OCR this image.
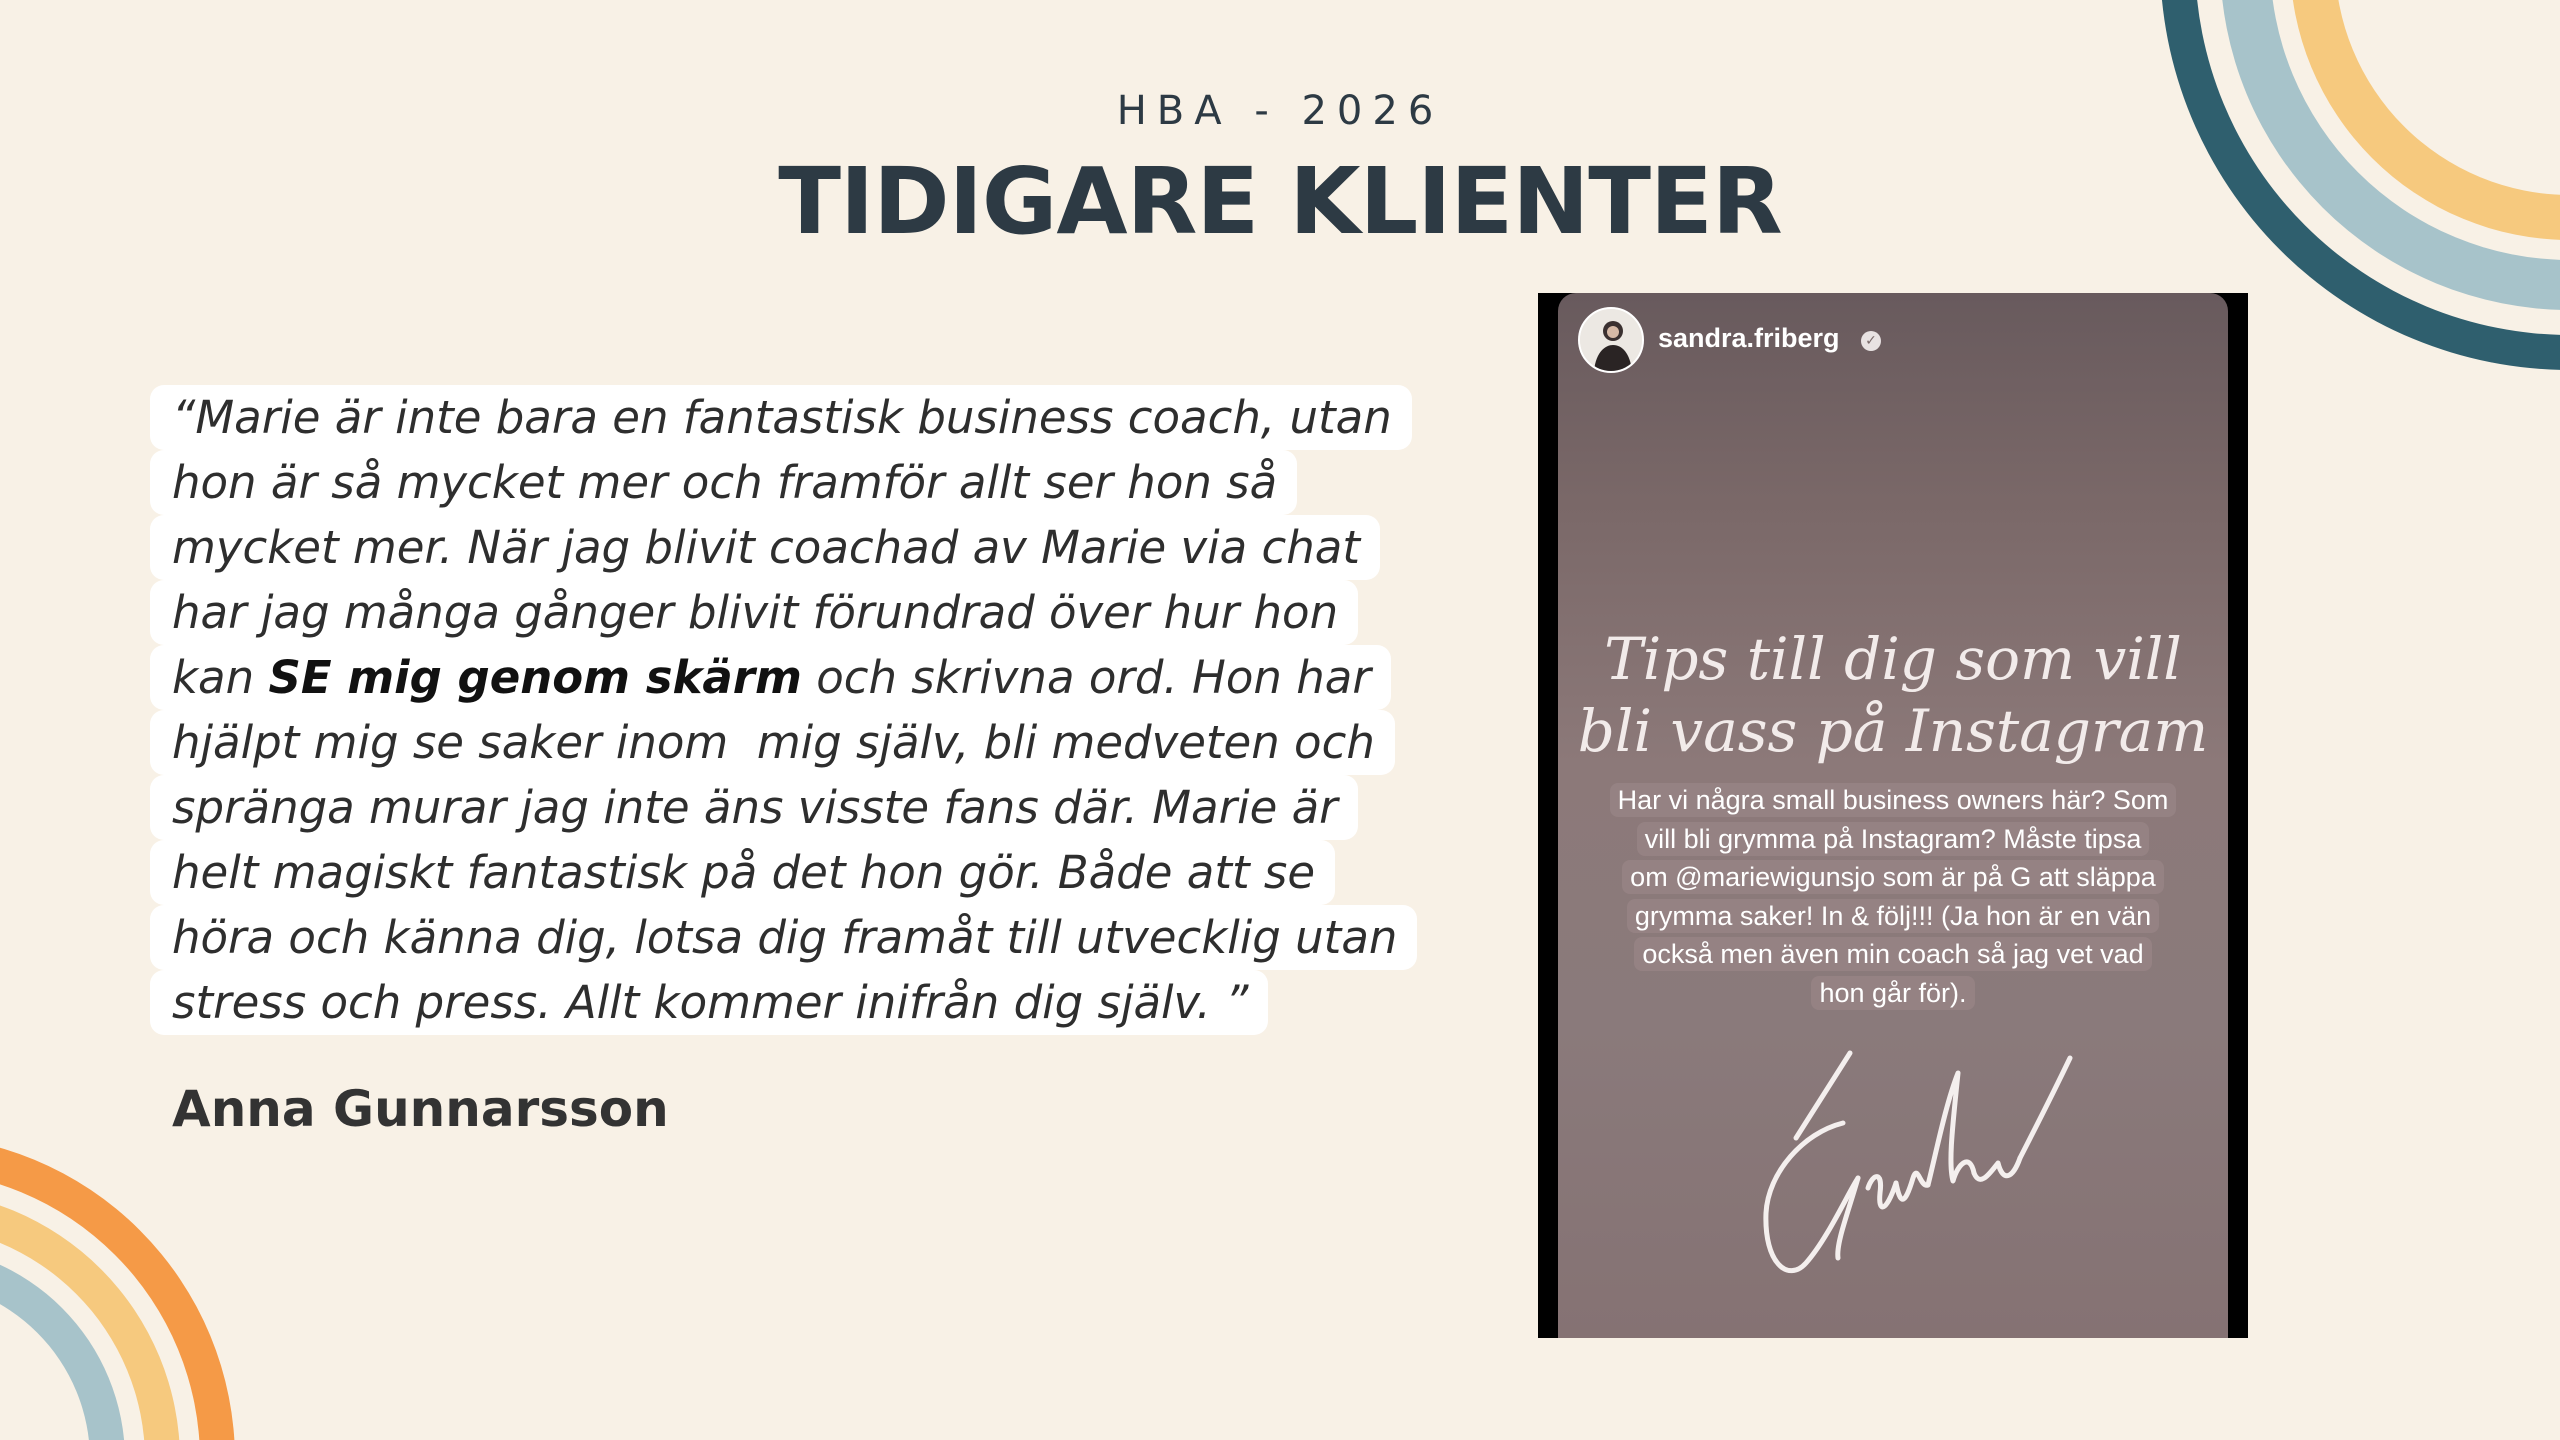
HBA - 2026
TIDIGARE KLIENTER
“Marie är inte bara en fantastisk business coach, utan
hon är så mycket mer och framför allt ser hon så
mycket mer. När jag blivit coachad av Marie via chat
har jag många gånger blivit förundrad över hur hon
kan SE mig genom skärm och skrivna ord. Hon har
hjälpt mig se saker inom  mig själv, bli medveten och
spränga murar jag inte äns visste fans där. Marie är
helt magiskt fantastisk på det hon gör. Både att se
höra och känna dig, lotsa dig framåt till utvecklig utan
stress och press. Allt kommer inifrån dig själv. ”
Anna Gunnarsson
sandra.friberg ✓
Tips till dig som vill
bli vass på Instagram
Har vi några small business owners här? Som
vill bli grymma på Instagram? Måste tipsa
om @mariewigunsjo som är på G att släppa
grymma saker! In & följ!!! (Ja hon är en vän
också men även min coach så jag vet vad
hon går för).
